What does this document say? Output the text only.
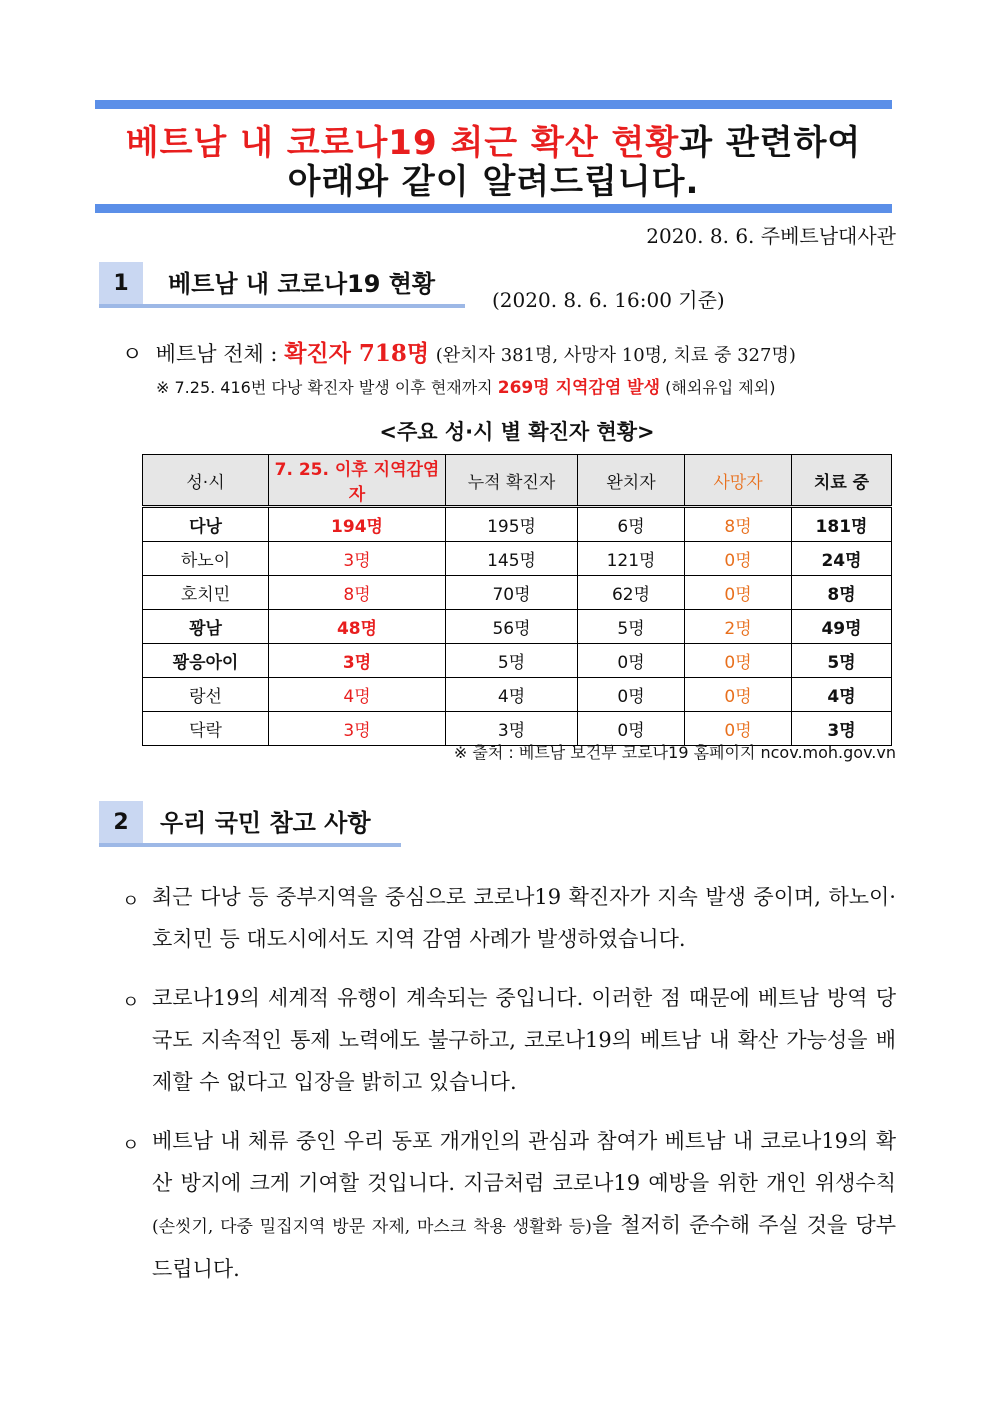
베트남 내 코로나19 최근 확산 현황과 관련하여
아래와 같이 알려드립니다.
2020. 8. 6. 주베트남대사관
1	베트남 내 코로나19 현황
(2020. 8. 6. 16:00 기준)
ㅇ 베트남 전체 : 확진자 718명 (완치자 381명, 사망자 10명, 치료 중 327명)
※ 7.25. 416번 다낭 확진자 발생 이후 현재까지 269명 지역감염 발생 (해외유입 제외)
<주요 성·시 별 확진자 현황>
성·시	7. 25. 이후 지역감염자	누적 확진자	완치자	사망자	치료 중
다낭	194명	195명	6명	8명	181명
하노이	3명	145명	121명	0명	24명
호치민	8명	70명	62명	0명	8명
꽝남	48명	56명	5명	2명	49명
꽝응아이	3명	5명	0명	0명	5명
랑선	4명	4명	0명	0명	4명
닥락	3명	3명	0명	0명	3명
※ 출처 : 베트남 보건부 코로나19 홈페이지 ncov.moh.gov.vn
2	우리 국민 참고 사항
ㅇ 최근 다낭 등 중부지역을 중심으로 코로나19 확진자가 지속 발생 중이며, 하노이·호치민 등 대도시에서도 지역 감염 사례가 발생하였습니다.
ㅇ 코로나19의 세계적 유행이 계속되는 중입니다. 이러한 점 때문에 베트남 방역 당국도 지속적인 통제 노력에도 불구하고, 코로나19의 베트남 내 확산 가능성을 배제할 수 없다고 입장을 밝히고 있습니다.
ㅇ 베트남 내 체류 중인 우리 동포 개개인의 관심과 참여가 베트남 내 코로나19의 확산 방지에 크게 기여할 것입니다. 지금처럼 코로나19 예방을 위한 개인 위생수칙(손씻기, 다중 밀집지역 방문 자제, 마스크 착용 생활화 등)을 철저히 준수해 주실 것을 당부드립니다.
